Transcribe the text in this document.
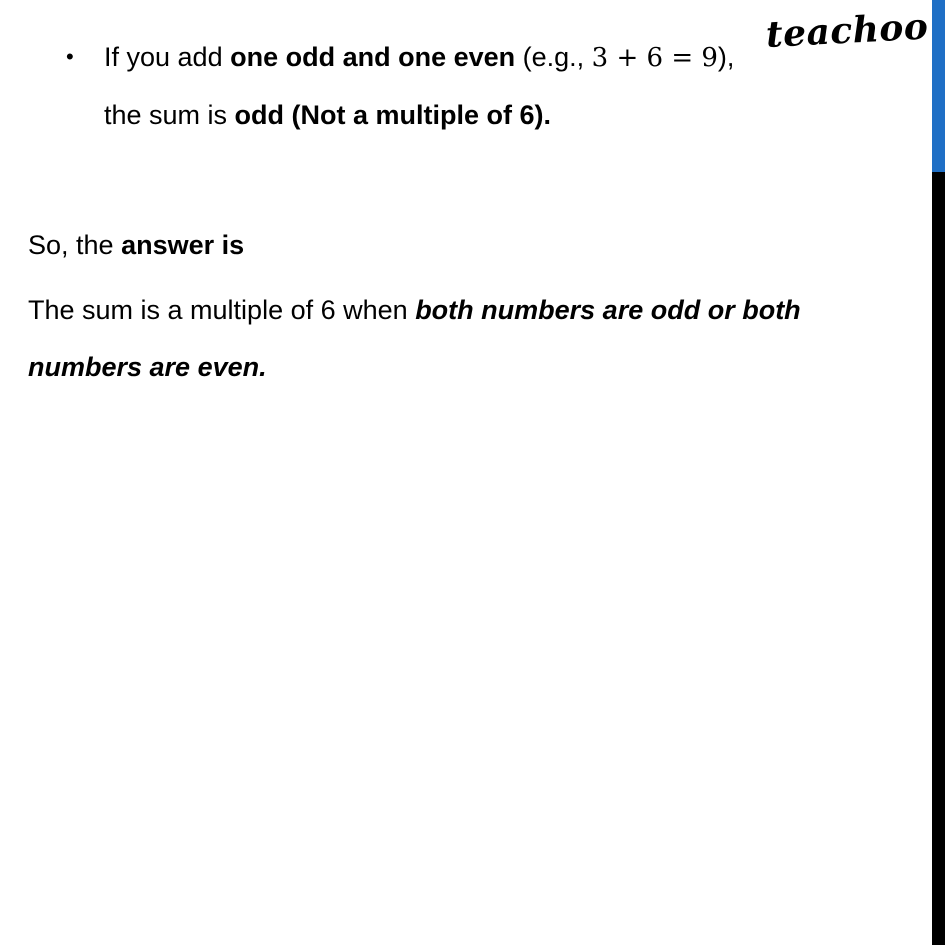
teachoo
• If you add one odd and one even (e.g., 3 + 6 = 9),
the sum is odd (Not a multiple of 6).
So, the answer is
The sum is a multiple of 6 when both numbers are odd or both
numbers are even.
